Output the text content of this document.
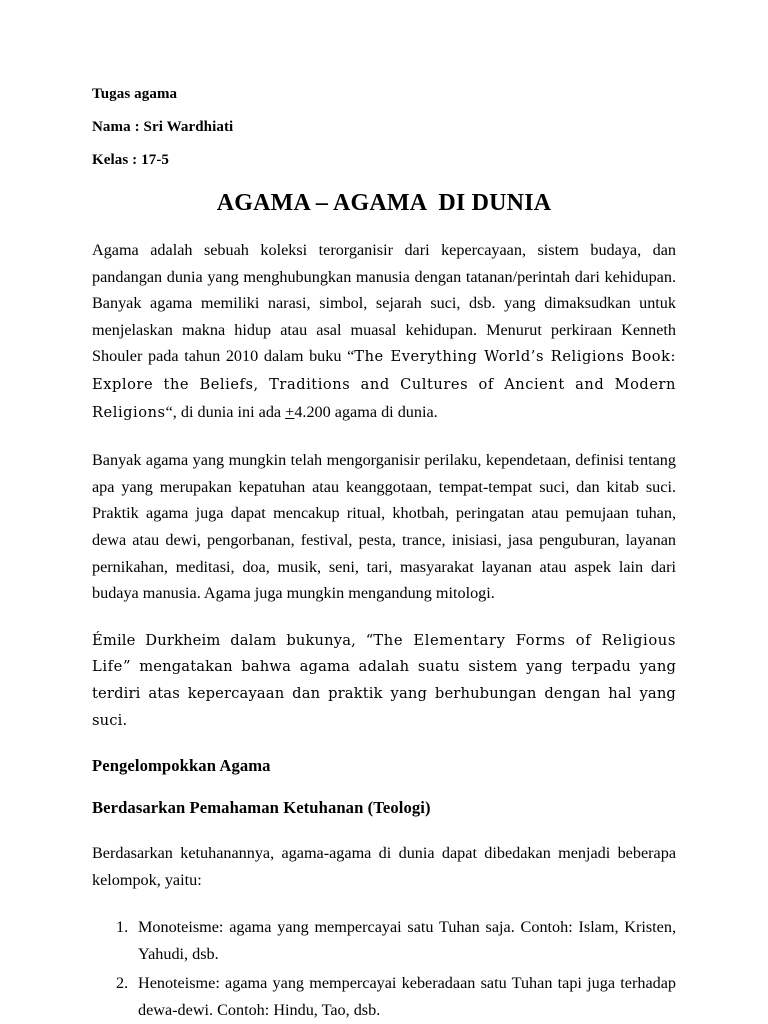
Tugas agama

Nama : Sri Wardhiati

Kelas : 17-5

AGAMA – AGAMA  DI DUNIA

Agama adalah sebuah koleksi terorganisir dari kepercayaan, sistem budaya, dan pandangan dunia yang menghubungkan manusia dengan tatanan/perintah dari kehidupan. Banyak agama memiliki narasi, simbol, sejarah suci, dsb. yang dimaksudkan untuk menjelaskan makna hidup atau asal muasal kehidupan. Menurut perkiraan Kenneth Shouler pada tahun 2010 dalam buku “The Everything World’s Religions Book: Explore the Beliefs, Traditions and Cultures of Ancient and Modern Religions“, di dunia ini ada +4.200 agama di dunia.

Banyak agama yang mungkin telah mengorganisir perilaku, kependetaan, definisi tentang apa yang merupakan kepatuhan atau keanggotaan, tempat-tempat suci, dan kitab suci. Praktik agama juga dapat mencakup ritual, khotbah, peringatan atau pemujaan tuhan, dewa atau dewi, pengorbanan, festival, pesta, trance, inisiasi, jasa penguburan, layanan pernikahan, meditasi, doa, musik, seni, tari, masyarakat layanan atau aspek lain dari budaya manusia. Agama juga mungkin mengandung mitologi.

Émile Durkheim dalam bukunya, “The Elementary Forms of Religious Life” mengatakan bahwa agama adalah suatu sistem yang terpadu yang terdiri atas kepercayaan dan praktik yang berhubungan dengan hal yang suci.

Pengelompokkan Agama
Berdasarkan Pemahaman Ketuhanan (Teologi)

Berdasarkan ketuhanannya, agama-agama di dunia dapat dibedakan menjadi beberapa kelompok, yaitu:

1. Monoteisme: agama yang mempercayai satu Tuhan saja. Contoh: Islam, Kristen, Yahudi, dsb.
2. Henoteisme: agama yang mempercayai keberadaan satu Tuhan tapi juga terhadap dewa-dewi. Contoh: Hindu, Tao, dsb.
